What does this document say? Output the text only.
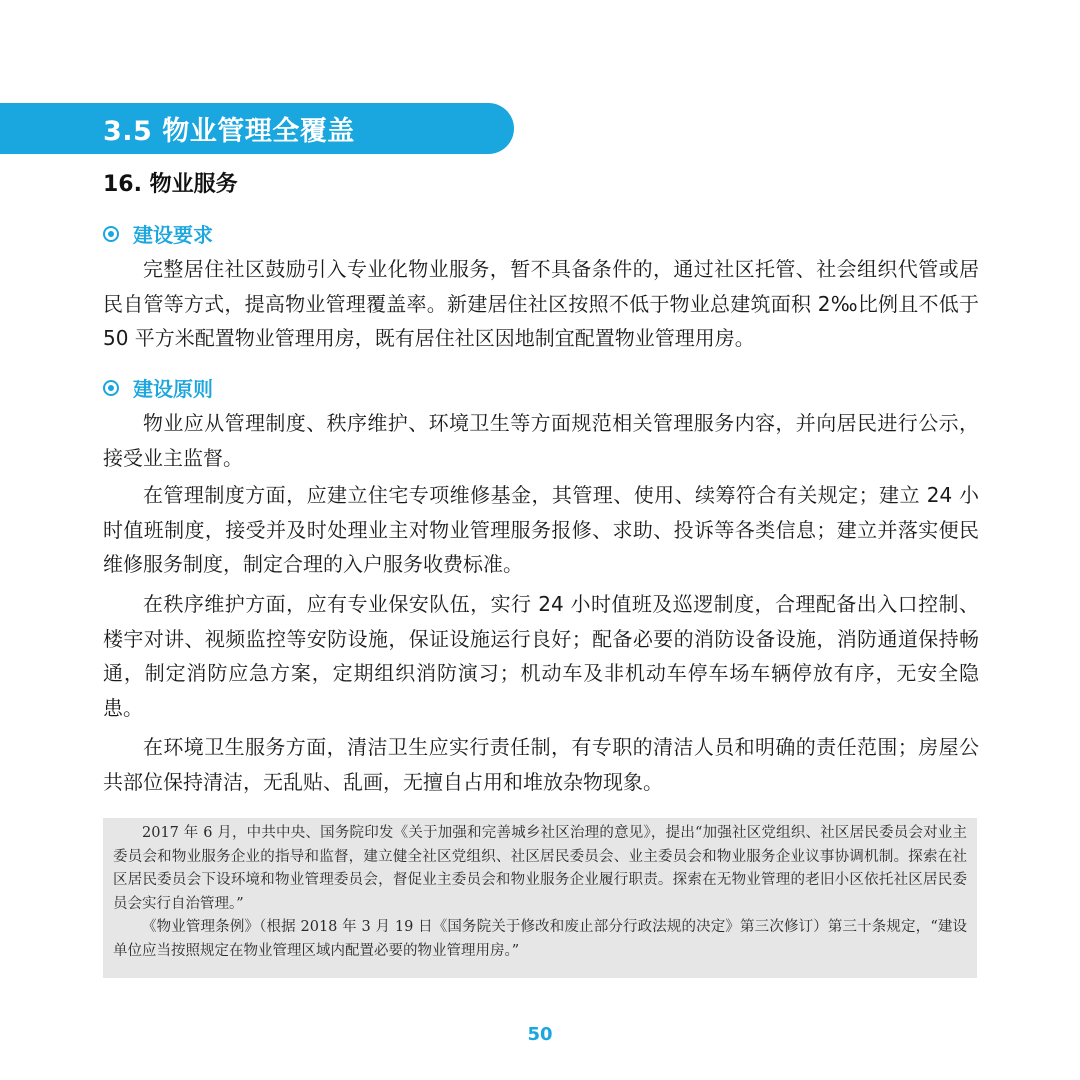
3.5 物业管理全覆盖
16. 物业服务
建设要求

完整居住社区鼓励引入专业化物业服务，暂不具备条件的，通过社区托管、社会组织代管或居民自管等方式，提高物业管理覆盖率。新建居住社区按照不低于物业总建筑面积 2‰比例且不低于 50 平方米配置物业管理用房，既有居住社区因地制宜配置物业管理用房。

建设原则

物业应从管理制度、秩序维护、环境卫生等方面规范相关管理服务内容，并向居民进行公示，接受业主监督。

在管理制度方面，应建立住宅专项维修基金，其管理、使用、续筹符合有关规定；建立 24 小时值班制度，接受并及时处理业主对物业管理服务报修、求助、投诉等各类信息；建立并落实便民维修服务制度，制定合理的入户服务收费标准。

在秩序维护方面，应有专业保安队伍，实行 24 小时值班及巡逻制度，合理配备出入口控制、楼宇对讲、视频监控等安防设施，保证设施运行良好；配备必要的消防设备设施，消防通道保持畅通，制定消防应急方案，定期组织消防演习；机动车及非机动车停车场车辆停放有序，无安全隐患。

在环境卫生服务方面，清洁卫生应实行责任制，有专职的清洁人员和明确的责任范围；房屋公共部位保持清洁，无乱贴、乱画，无擅自占用和堆放杂物现象。

2017 年 6 月，中共中央、国务院印发《关于加强和完善城乡社区治理的意见》，提出“加强社区党组织、社区居民委员会对业主委员会和物业服务企业的指导和监督，建立健全社区党组织、社区居民委员会、业主委员会和物业服务企业议事协调机制。探索在社区居民委员会下设环境和物业管理委员会，督促业主委员会和物业服务企业履行职责。探索在无物业管理的老旧小区依托社区居民委员会实行自治管理。”

《物业管理条例》（根据 2018 年 3 月 19 日《国务院关于修改和废止部分行政法规的决定》第三次修订）第三十条规定，“建设单位应当按照规定在物业管理区域内配置必要的物业管理用房。”

50
